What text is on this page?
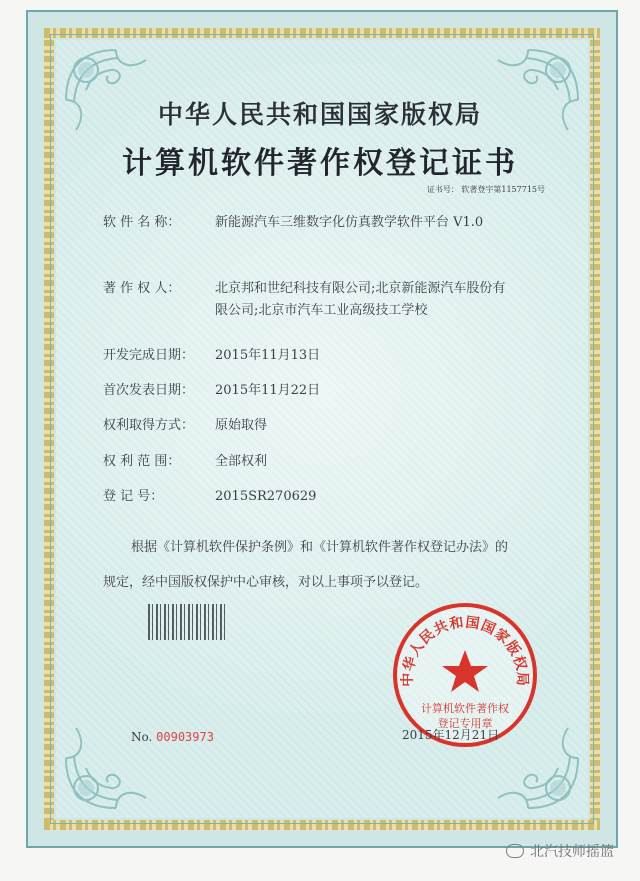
中华人民共和国国家版权局
计算机软件著作权登记证书
证书号： 软著登字第1157715号
软 件 名 称：	新能源汽车三维数字化仿真教学软件平台 V1.0
著 作 权 人：	北京邦和世纪科技有限公司;北京新能源汽车股份有限公司;北京市汽车工业高级技工学校
开发完成日期：	2015年11月13日
首次发表日期：	2015年11月22日
权利取得方式：	原始取得
权 利 范 围：	全部权利
登 记 号：	2015SR270629
根据《计算机软件保护条例》和《计算机软件著作权登记办法》的
规定，经中国版权保护中心审核，对以上事项予以登记。
No. 00903973
中华人民共和国国家版权局
计算机软件著作权
登记专用章
2015年12月21日
北汽技师摇篮
